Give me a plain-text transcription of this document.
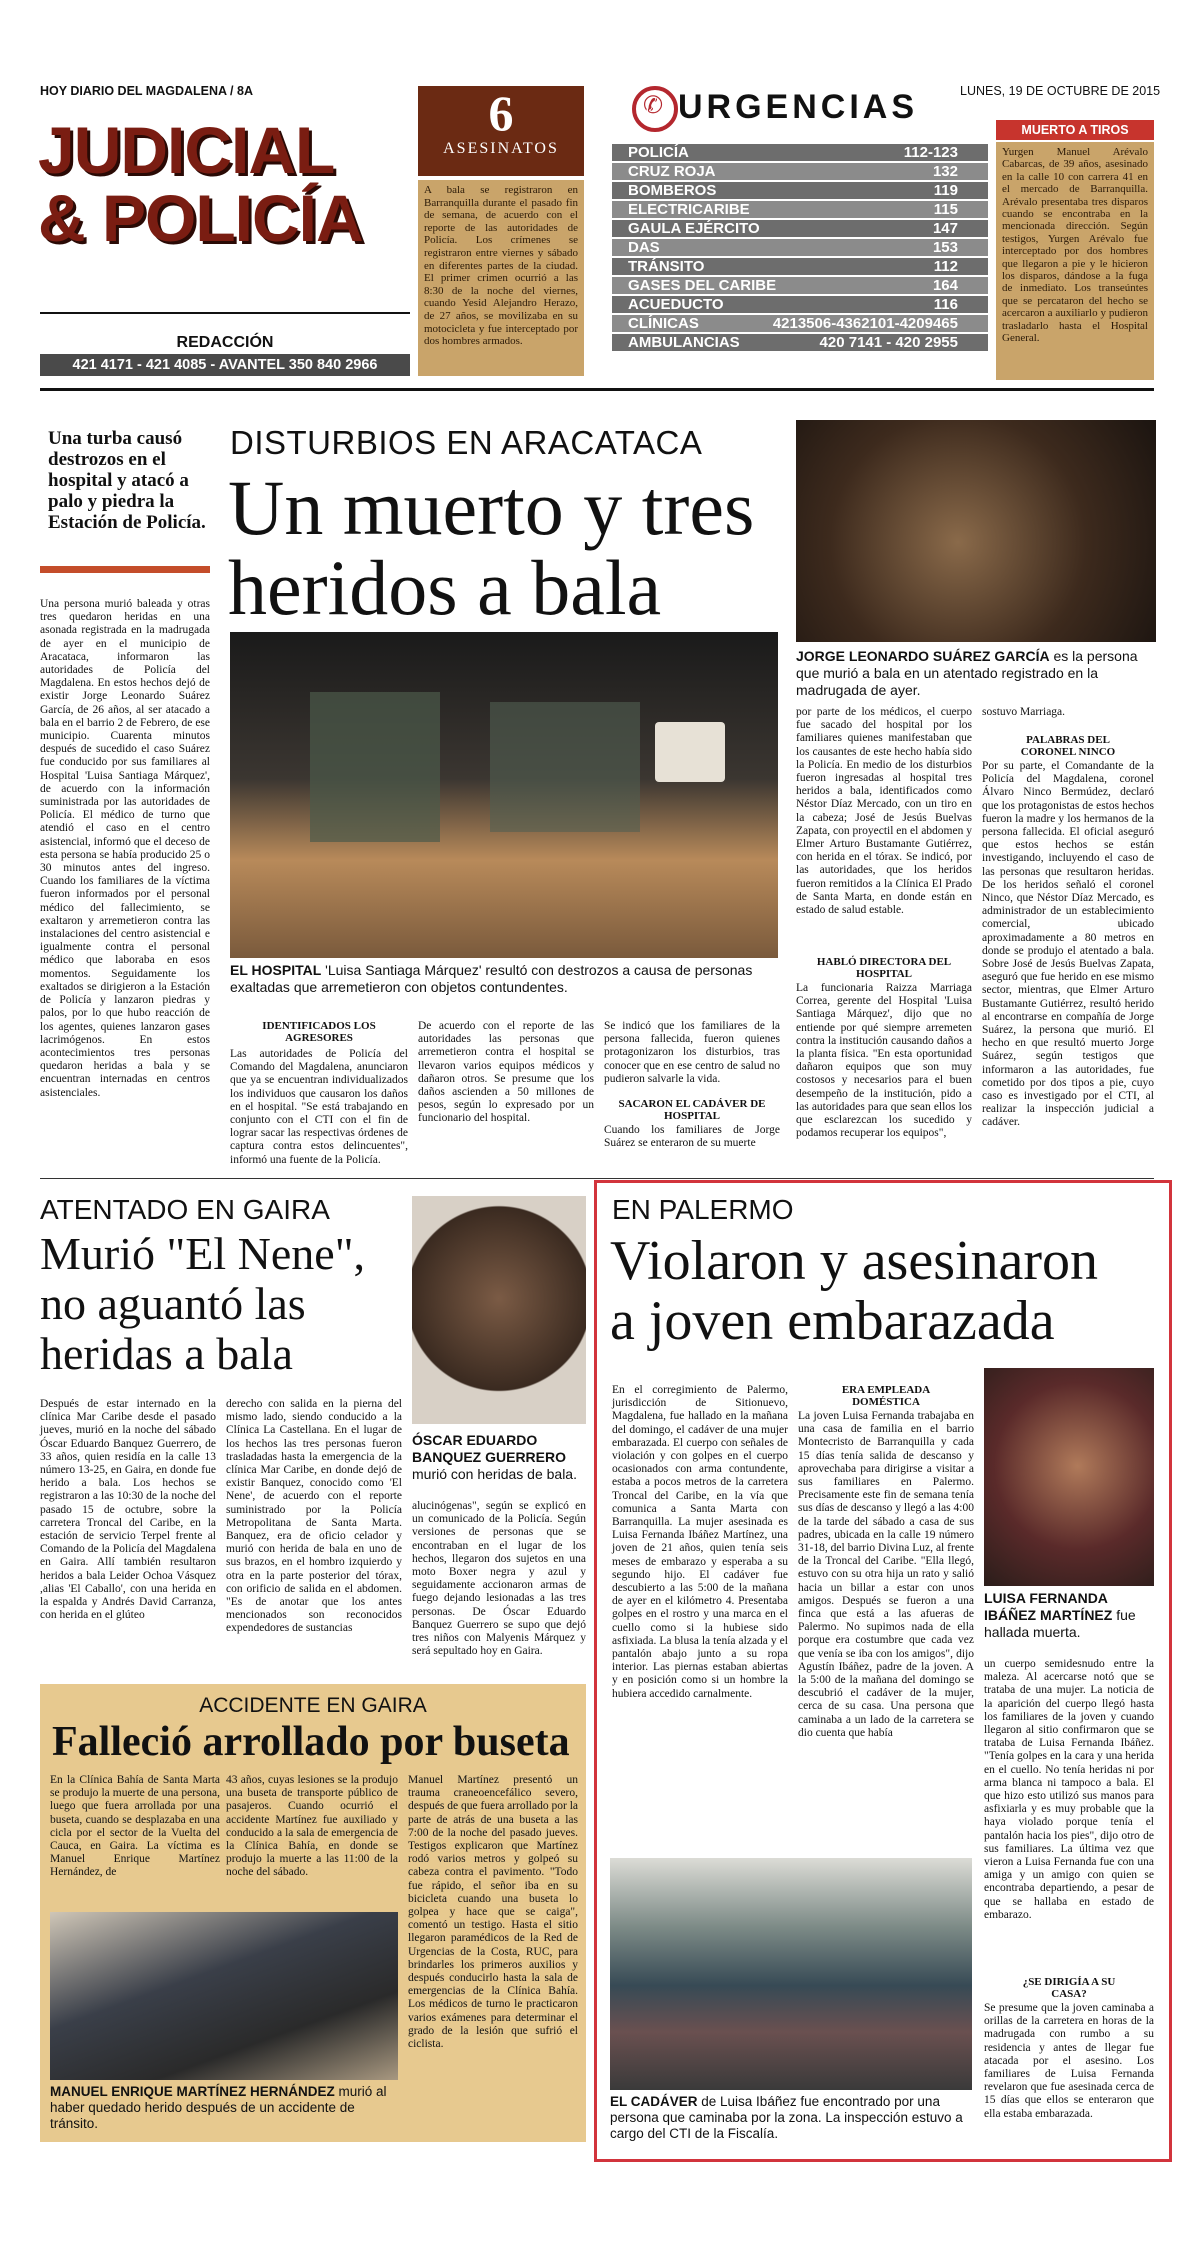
HOY DIARIO DEL MAGDALENA / 8A	LUNES, 19 DE OCTUBRE DE 2015
JUDICIAL
& POLICÍA
REDACCIÓN
421 4171 - 421 4085 - AVANTEL 350 840 2966
6
ASESINATOS
A bala se registraron en Barranquilla durante el pasado fin de semana, de acuerdo con el reporte de las autoridades de Policía. Los crímenes se registraron entre viernes y sábado en diferentes partes de la ciudad. El primer crimen ocurrió a las 8:30 de la noche del viernes, cuando Yesid Alejandro Herazo, de 27 años, se movilizaba en su motocicleta y fue interceptado por dos hombres armados.
✆ URGENCIAS
POLICÍA	112-123
CRUZ ROJA	132
BOMBEROS	119
ELECTRICARIBE	115
GAULA EJÉRCITO	147
DAS	153
TRÁNSITO	112
GASES DEL CARIBE	164
ACUEDUCTO	116
CLÍNICAS	4213506-4362101-4209465
AMBULANCIAS	420 7141 - 420 2955
MUERTO A TIROS
Yurgen Manuel Arévalo Cabarcas, de 39 años, asesinado en la calle 10 con carrera 41 en el mercado de Barranquilla. Arévalo presentaba tres disparos cuando se encontraba en la mencionada dirección. Según testigos, Yurgen Arévalo fue interceptado por dos hombres que llegaron a pie y le hicieron los disparos, dándose a la fuga de inmediato. Los transeúntes que se percataron del hecho se acercaron a auxiliarlo y pudieron trasladarlo hasta el Hospital General.
Una turba causó destrozos en el hospital y atacó a palo y piedra la Estación de Policía.
DISTURBIOS EN ARACATACA
Un muerto y tres
heridos a bala
JORGE LEONARDO SUÁREZ GARCÍA es la persona que murió a bala en un atentado registrado en la madrugada de ayer.
EL HOSPITAL 'Luisa Santiaga Márquez' resultó con destrozos a causa de personas exaltadas que arremetieron con objetos contundentes.
Una persona murió baleada y otras tres quedaron heridas en una asonada registrada en la madrugada de ayer en el municipio de Aracataca, informaron las autoridades de Policía del Magdalena. En estos hechos dejó de existir Jorge Leonardo Suárez García, de 26 años, al ser atacado a bala en el barrio 2 de Febrero, de ese municipio. Cuarenta minutos después de sucedido el caso Suárez fue conducido por sus familiares al Hospital 'Luisa Santiaga Márquez', de acuerdo con la información suministrada por las autoridades de Policía. El médico de turno que atendió el caso en el centro asistencial, informó que el deceso de esta persona se había producido 25 o 30 minutos antes del ingreso. Cuando los familiares de la víctima fueron informados por el personal médico del fallecimiento, se exaltaron y arremetieron contra las instalaciones del centro asistencial e igualmente contra el personal médico que laboraba en esos momentos. Seguidamente los exaltados se dirigieron a la Estación de Policía y lanzaron piedras y palos, por lo que hubo reacción de los agentes, quienes lanzaron gases lacrimógenos. En estos acontecimientos tres personas quedaron heridas a bala y se encuentran internadas en centros asistenciales.
IDENTIFICADOS LOS AGRESORES
Las autoridades de Policía del Comando del Magdalena, anunciaron que ya se encuentran individualizados los individuos que causaron los daños en el hospital. "Se está trabajando en conjunto con el CTI con el fin de lograr sacar las respectivas órdenes de captura contra estos delincuentes", informó una fuente de la Policía.
De acuerdo con el reporte de las autoridades las personas que arremetieron contra el hospital se llevaron varios equipos médicos y dañaron otros. Se presume que los daños ascienden a 50 millones de pesos, según lo expresado por un funcionario del hospital.
Se indicó que los familiares de la persona fallecida, fueron quienes protagonizaron los disturbios, tras conocer que en ese centro de salud no pudieron salvarle la vida.
SACARON EL CADÁVER DE HOSPITAL
Cuando los familiares de Jorge Suárez se enteraron de su muerte
por parte de los médicos, el cuerpo fue sacado del hospital por los familiares quienes manifestaban que los causantes de este hecho había sido la Policía. En medio de los disturbios fueron ingresadas al hospital tres heridos a bala, identificados como Néstor Díaz Mercado, con un tiro en la cabeza; José de Jesús Buelvas Zapata, con proyectil en el abdomen y Elmer Arturo Bustamante Gutiérrez, con herida en el tórax. Se indicó, por las autoridades, que los heridos fueron remitidos a la Clínica El Prado de Santa Marta, en donde están en estado de salud estable.
HABLÓ DIRECTORA DEL HOSPITAL
La funcionaria Raizza Marriaga Correa, gerente del Hospital 'Luisa Santiaga Márquez', dijo que no entiende por qué siempre arremeten contra la institución causando daños a la planta física. "En esta oportunidad dañaron equipos que son muy costosos y necesarios para el buen desempeño de la institución, pido a las autoridades para que sean ellos los que esclarezcan los sucedido y podamos recuperar los equipos",
sostuvo Marriaga.
PALABRAS DEL CORONEL NINCO
Por su parte, el Comandante de la Policía del Magdalena, coronel Álvaro Ninco Bermúdez, declaró que los protagonistas de estos hechos fueron la madre y los hermanos de la persona fallecida. El oficial aseguró que estos hechos se están investigando, incluyendo el caso de las personas que resultaron heridas. De los heridos señaló el coronel Ninco, que Néstor Díaz Mercado, es administrador de un establecimiento comercial, ubicado aproximadamente a 80 metros en donde se produjo el atentado a bala. Sobre José de Jesús Buelvas Zapata, aseguró que fue herido en ese mismo sector, mientras, que Elmer Arturo Bustamante Gutiérrez, resultó herido al encontrarse en compañía de Jorge Suárez, la persona que murió. El hecho en que resultó muerto Jorge Suárez, según testigos que informaron a las autoridades, fue cometido por dos tipos a pie, cuyo caso es investigado por el CTI, al realizar la inspección judicial a cadáver.
ATENTADO EN GAIRA
Murió "El Nene",
no aguantó las
heridas a bala
ÓSCAR EDUARDO BANQUEZ GUERRERO murió con heridas de bala.
Después de estar internado en la clínica Mar Caribe desde el pasado jueves, murió en la noche del sábado Óscar Eduardo Banquez Guerrero, de 33 años, quien residía en la calle 13 número 13-25, en Gaira, en donde fue herido a bala. Los hechos se registraron a las 10:30 de la noche del pasado 15 de octubre, sobre la carretera Troncal del Caribe, en la estación de servicio Terpel frente al Comando de la Policía del Magdalena en Gaira. Allí también resultaron heridos a bala Leider Ochoa Vásquez ,alias 'El Caballo', con una herida en la espalda y Andrés David Carranza, con herida en el glúteo
derecho con salida en la pierna del mismo lado, siendo conducido a la Clínica La Castellana. En el lugar de los hechos las tres personas fueron trasladadas hasta la emergencia de la clínica Mar Caribe, en donde dejó de existir Banquez, conocido como 'El Nene', de acuerdo con el reporte suministrado por la Policía Metropolitana de Santa Marta. Banquez, era de oficio celador y murió con herida de bala en uno de sus brazos, en el hombro izquierdo y otra en la parte posterior del tórax, con orificio de salida en el abdomen. "Es de anotar que los antes mencionados son reconocidos expendedores de sustancias
alucinógenas", según se explicó en un comunicado de la Policía. Según versiones de personas que se encontraban en el lugar de los hechos, llegaron dos sujetos en una moto Boxer negra y azul y seguidamente accionaron armas de fuego dejando lesionadas a las tres personas. De Óscar Eduardo Banquez Guerrero se supo que dejó tres niños con Malyenis Márquez y será sepultado hoy en Gaira.
ACCIDENTE EN GAIRA
Falleció arrollado por buseta
En la Clínica Bahía de Santa Marta se produjo la muerte de una persona, luego que fuera arrollada por una buseta, cuando se desplazaba en una cicla por el sector de la Vuelta del Cauca, en Gaira. La víctima es Manuel Enrique Martínez Hernández, de
43 años, cuyas lesiones se la produjo una buseta de transporte público de pasajeros. Cuando ocurrió el accidente Martínez fue auxiliado y conducido a la sala de emergencia de la Clínica Bahía, en donde se produjo la muerte a las 11:00 de la noche del sábado.
Manuel Martínez presentó un trauma craneoencefálico severo, después de que fuera arrollado por la parte de atrás de una buseta a las 7:00 de la noche del pasado jueves. Testigos explicaron que Martínez rodó varios metros y golpeó su cabeza contra el pavimento. "Todo fue rápido, el señor iba en su bicicleta cuando una buseta lo golpea y hace que se caiga", comentó un testigo. Hasta el sitio llegaron paramédicos de la Red de Urgencias de la Costa, RUC, para brindarles los primeros auxilios y después conducirlo hasta la sala de emergencias de la Clínica Bahía. Los médicos de turno le practicaron varios exámenes para determinar el grado de la lesión que sufrió el ciclista.
MANUEL ENRIQUE MARTÍNEZ HERNÁNDEZ murió al haber quedado herido después de un accidente de tránsito.
EN PALERMO
Violaron y asesinaron
a joven embarazada
En el corregimiento de Palermo, jurisdicción de Sitionuevo, Magdalena, fue hallado en la mañana del domingo, el cadáver de una mujer embarazada. El cuerpo con señales de violación y con golpes en el cuerpo ocasionados con arma contundente, estaba a pocos metros de la carretera Troncal del Caribe, en la vía que comunica a Santa Marta con Barranquilla. La mujer asesinada es Luisa Fernanda Ibáñez Martínez, una joven de 21 años, quien tenía seis meses de embarazo y esperaba a su segundo hijo. El cadáver fue descubierto a las 5:00 de la mañana de ayer en el kilómetro 4. Presentaba golpes en el rostro y una marca en el cuello como si la hubiese sido asfixiada. La blusa la tenía alzada y el pantalón abajo junto a su ropa interior. Las piernas estaban abiertas y en posición como si un hombre la hubiera accedido carnalmente.
ERA EMPLEADA DOMÉSTICA
La joven Luisa Fernanda trabajaba en una casa de familia en el barrio Montecristo de Barranquilla y cada 15 días tenía salida de descanso y aprovechaba para dirigirse a visitar a sus familiares en Palermo. Precisamente este fin de semana tenía sus días de descanso y llegó a las 4:00 de la tarde del sábado a casa de sus padres, ubicada en la calle 19 número 31-18, del barrio Divina Luz, al frente de la Troncal del Caribe. "Ella llegó, estuvo con su otra hija un rato y salió hacia un billar a estar con unos amigos. Después se fueron a una finca que está a las afueras de Palermo. No supimos nada de ella porque era costumbre que cada vez que venía se iba con los amigos", dijo Agustín Ibáñez, padre de la joven. A la 5:00 de la mañana del domingo se descubrió el cadáver de la mujer, cerca de su casa. Una persona que caminaba a un lado de la carretera se dio cuenta que había
LUISA FERNANDA IBÁÑEZ MARTÍNEZ fue hallada muerta.
un cuerpo semidesnudo entre la maleza. Al acercarse notó que se trataba de una mujer. La noticia de la aparición del cuerpo llegó hasta los familiares de la joven y cuando llegaron al sitio confirmaron que se trataba de Luisa Fernanda Ibáñez. "Tenía golpes en la cara y una herida en el cuello. No tenía heridas ni por arma blanca ni tampoco a bala. El que hizo esto utilizó sus manos para asfixiarla y es muy probable que la haya violado porque tenía el pantalón hacia los pies", dijo otro de sus familiares. La última vez que vieron a Luisa Fernanda fue con una amiga y un amigo con quien se encontraba departiendo, a pesar de que se hallaba en estado de embarazo.
¿SE DIRIGÍA A SU CASA?
Se presume que la joven caminaba a orillas de la carretera en horas de la madrugada con rumbo a su residencia y antes de llegar fue atacada por el asesino. Los familiares de Luisa Fernanda revelaron que fue asesinada cerca de 15 días que ellos se enteraron que ella estaba embarazada.
EL CADÁVER de Luisa Ibáñez fue encontrado por una persona que caminaba por la zona. La inspección estuvo a cargo del CTI de la Fiscalía.
